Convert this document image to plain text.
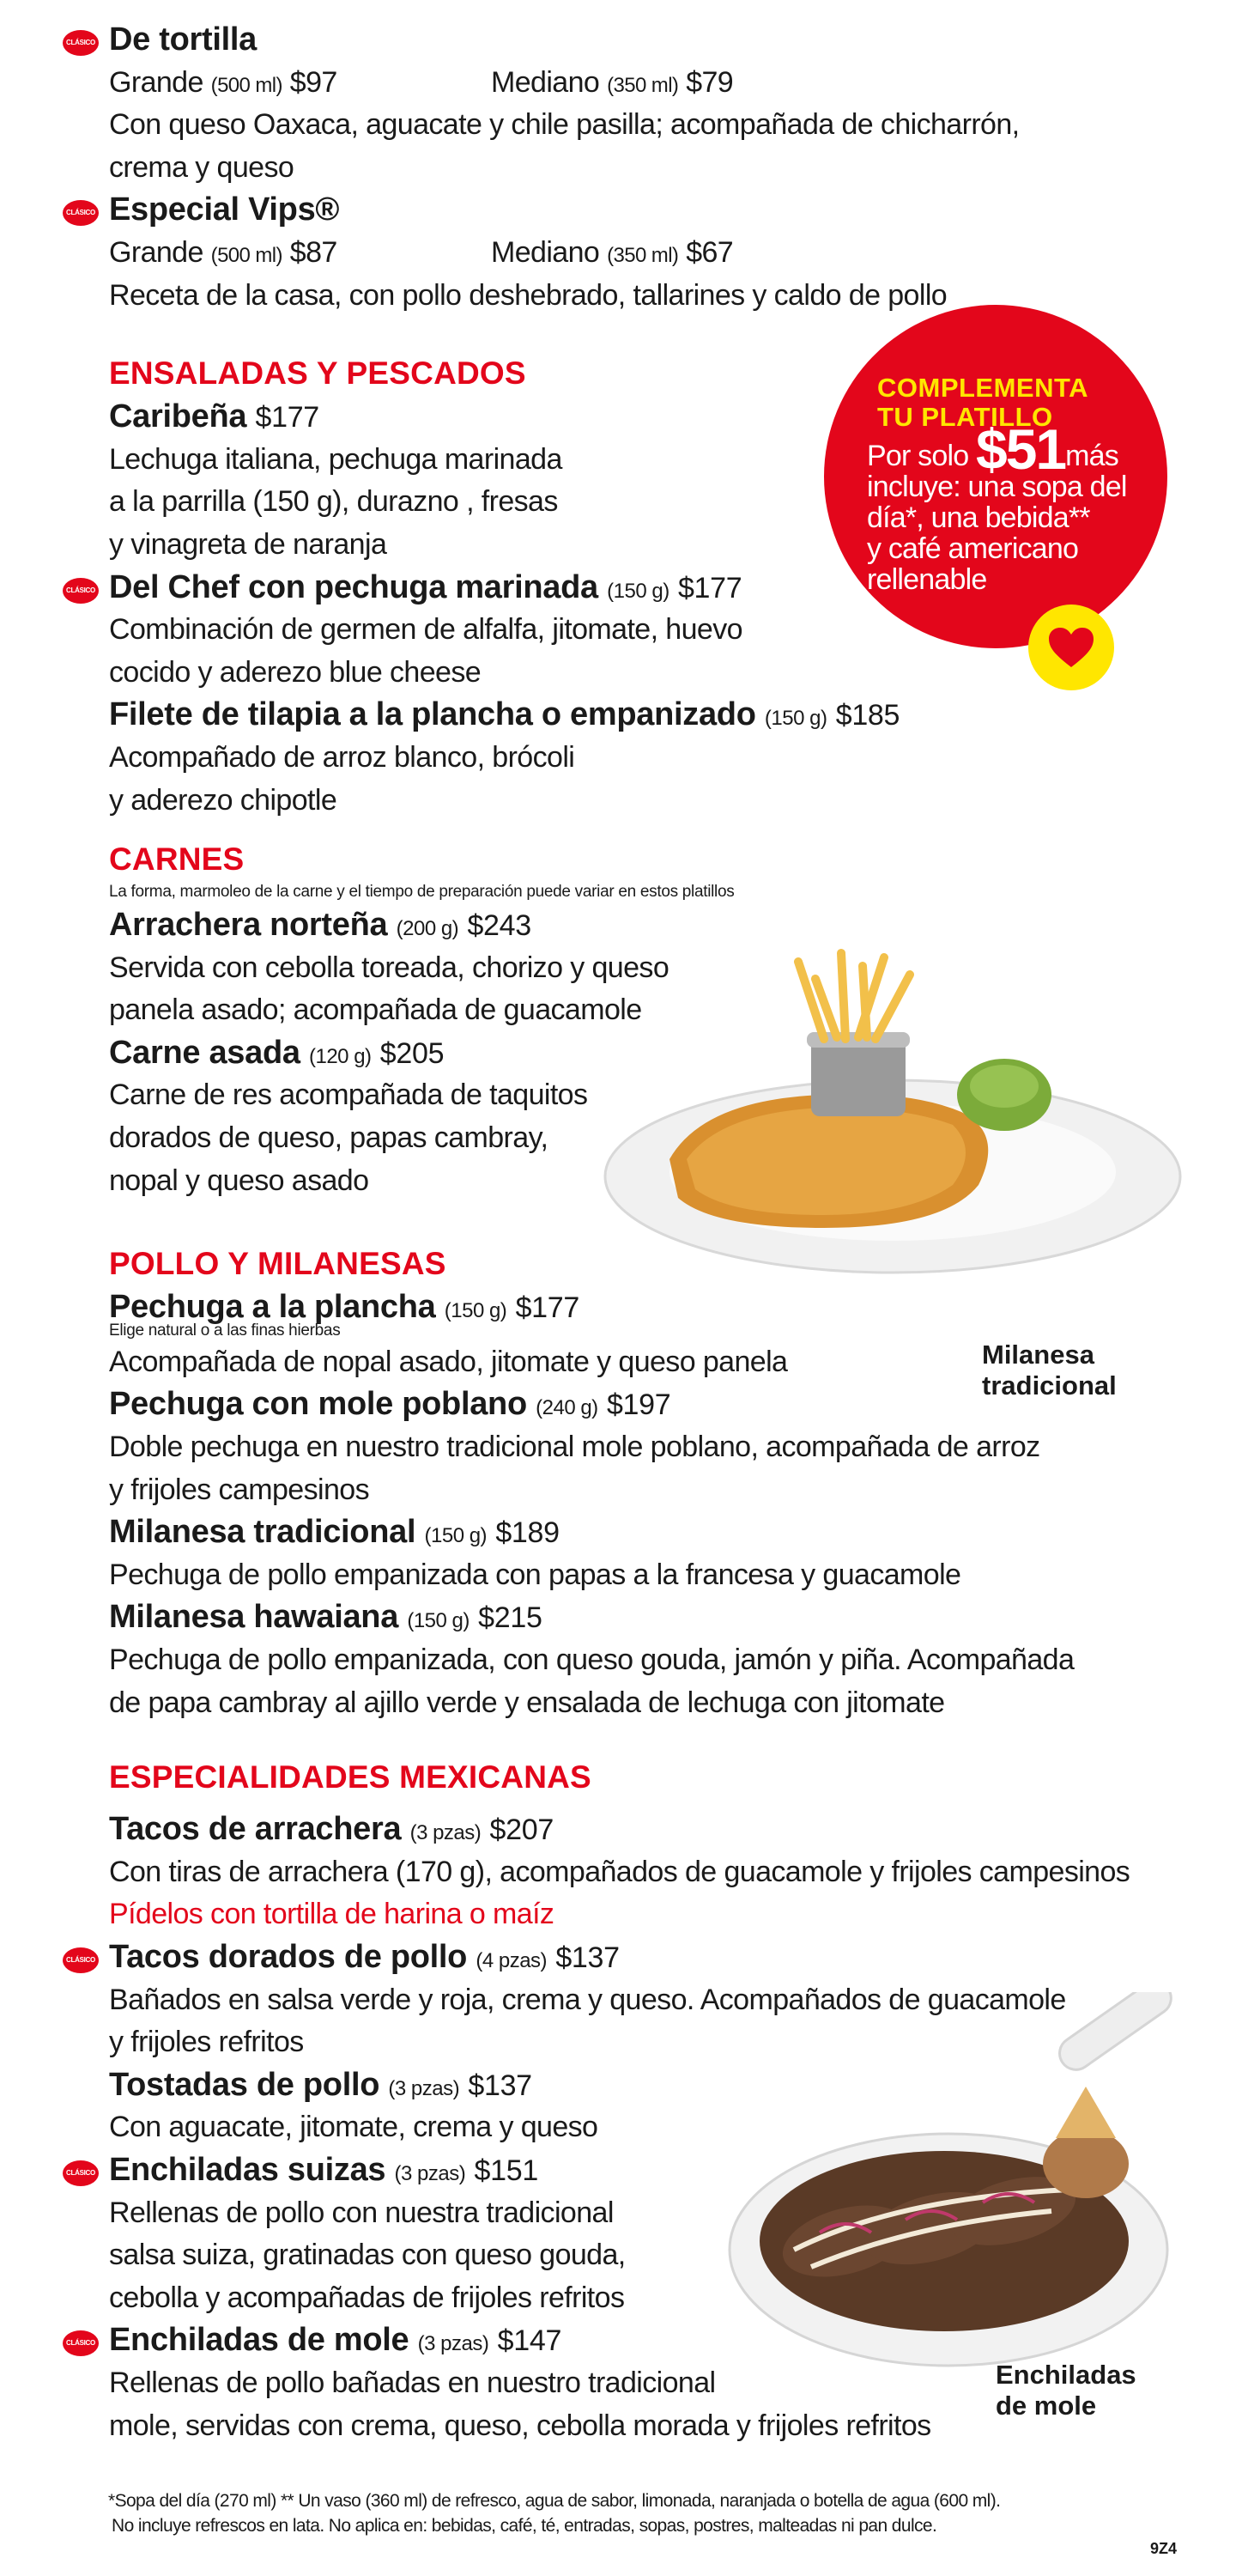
CLÁSICO De tortilla
Grande (500 ml) $97	Mediano (350 ml) $79
Con queso Oaxaca, aguacate y chile pasilla; acompañada de chicharrón,
crema y queso
CLÁSICO Especial Vips®
Grande (500 ml) $87	Mediano (350 ml) $67
Receta de la casa, con pollo deshebrado, tallarines y caldo de pollo
ENSALADAS Y PESCADOS
Caribeña $177
Lechuga italiana, pechuga marinada
a la parrilla (150 g), durazno , fresas
y vinagreta de naranja
CLÁSICO Del Chef con pechuga marinada (150 g) $177
Combinación de germen de alfalfa, jitomate, huevo
cocido y aderezo blue cheese
Filete de tilapia a la plancha o empanizado (150 g) $185
Acompañado de arroz blanco, brócoli
y aderezo chipotle
CARNES
La forma, marmoleo de la carne y el tiempo de preparación puede variar en estos platillos
Arrachera norteña (200 g) $243
Servida con cebolla toreada, chorizo y queso
panela asado; acompañada de guacamole
Carne asada (120 g) $205
Carne de res acompañada de taquitos
dorados de queso, papas cambray,
nopal y queso asado
POLLO Y MILANESAS
Pechuga a la plancha (150 g) $177
Elige natural o a las finas hierbas
Acompañada de nopal asado, jitomate y queso panela
Pechuga con mole poblano (240 g) $197
Doble pechuga en nuestro tradicional mole poblano, acompañada de arroz
y frijoles campesinos
Milanesa tradicional (150 g) $189
Pechuga de pollo empanizada con papas a la francesa y guacamole
Milanesa hawaiana (150 g) $215
Pechuga de pollo empanizada, con queso gouda, jamón y piña. Acompañada
de papa cambray al ajillo verde y ensalada de lechuga con jitomate
ESPECIALIDADES MEXICANAS
Tacos de arrachera (3 pzas) $207
Con tiras de arrachera (170 g), acompañados de guacamole y frijoles campesinos
Pídelos con tortilla de harina o maíz
CLÁSICO Tacos dorados de pollo (4 pzas) $137
Bañados en salsa verde y roja, crema y queso. Acompañados de guacamole
y frijoles refritos
Tostadas de pollo (3 pzas) $137
Con aguacate, jitomate, crema y queso
CLÁSICO Enchiladas suizas (3 pzas) $151
Rellenas de pollo con nuestra tradicional
salsa suiza, gratinadas con queso gouda,
cebolla y acompañadas de frijoles refritos
CLÁSICO Enchiladas de mole (3 pzas) $147
Rellenas de pollo bañadas en nuestro tradicional
mole, servidas con crema, queso, cebolla morada y frijoles refritos
COMPLEMENTA
TU PLATILLO
Por solo $51más
incluye: una sopa del
día*, una bebida**
y café americano
rellenable
Milanesa
tradicional
Enchiladas
de mole
*Sopa del día (270 ml) ** Un vaso (360 ml) de refresco, agua de sabor, limonada, naranjada o botella de agua (600 ml).
No incluye refrescos en lata. No aplica en: bebidas, café, té, entradas, sopas, postres, malteadas ni pan dulce.
9Z4
